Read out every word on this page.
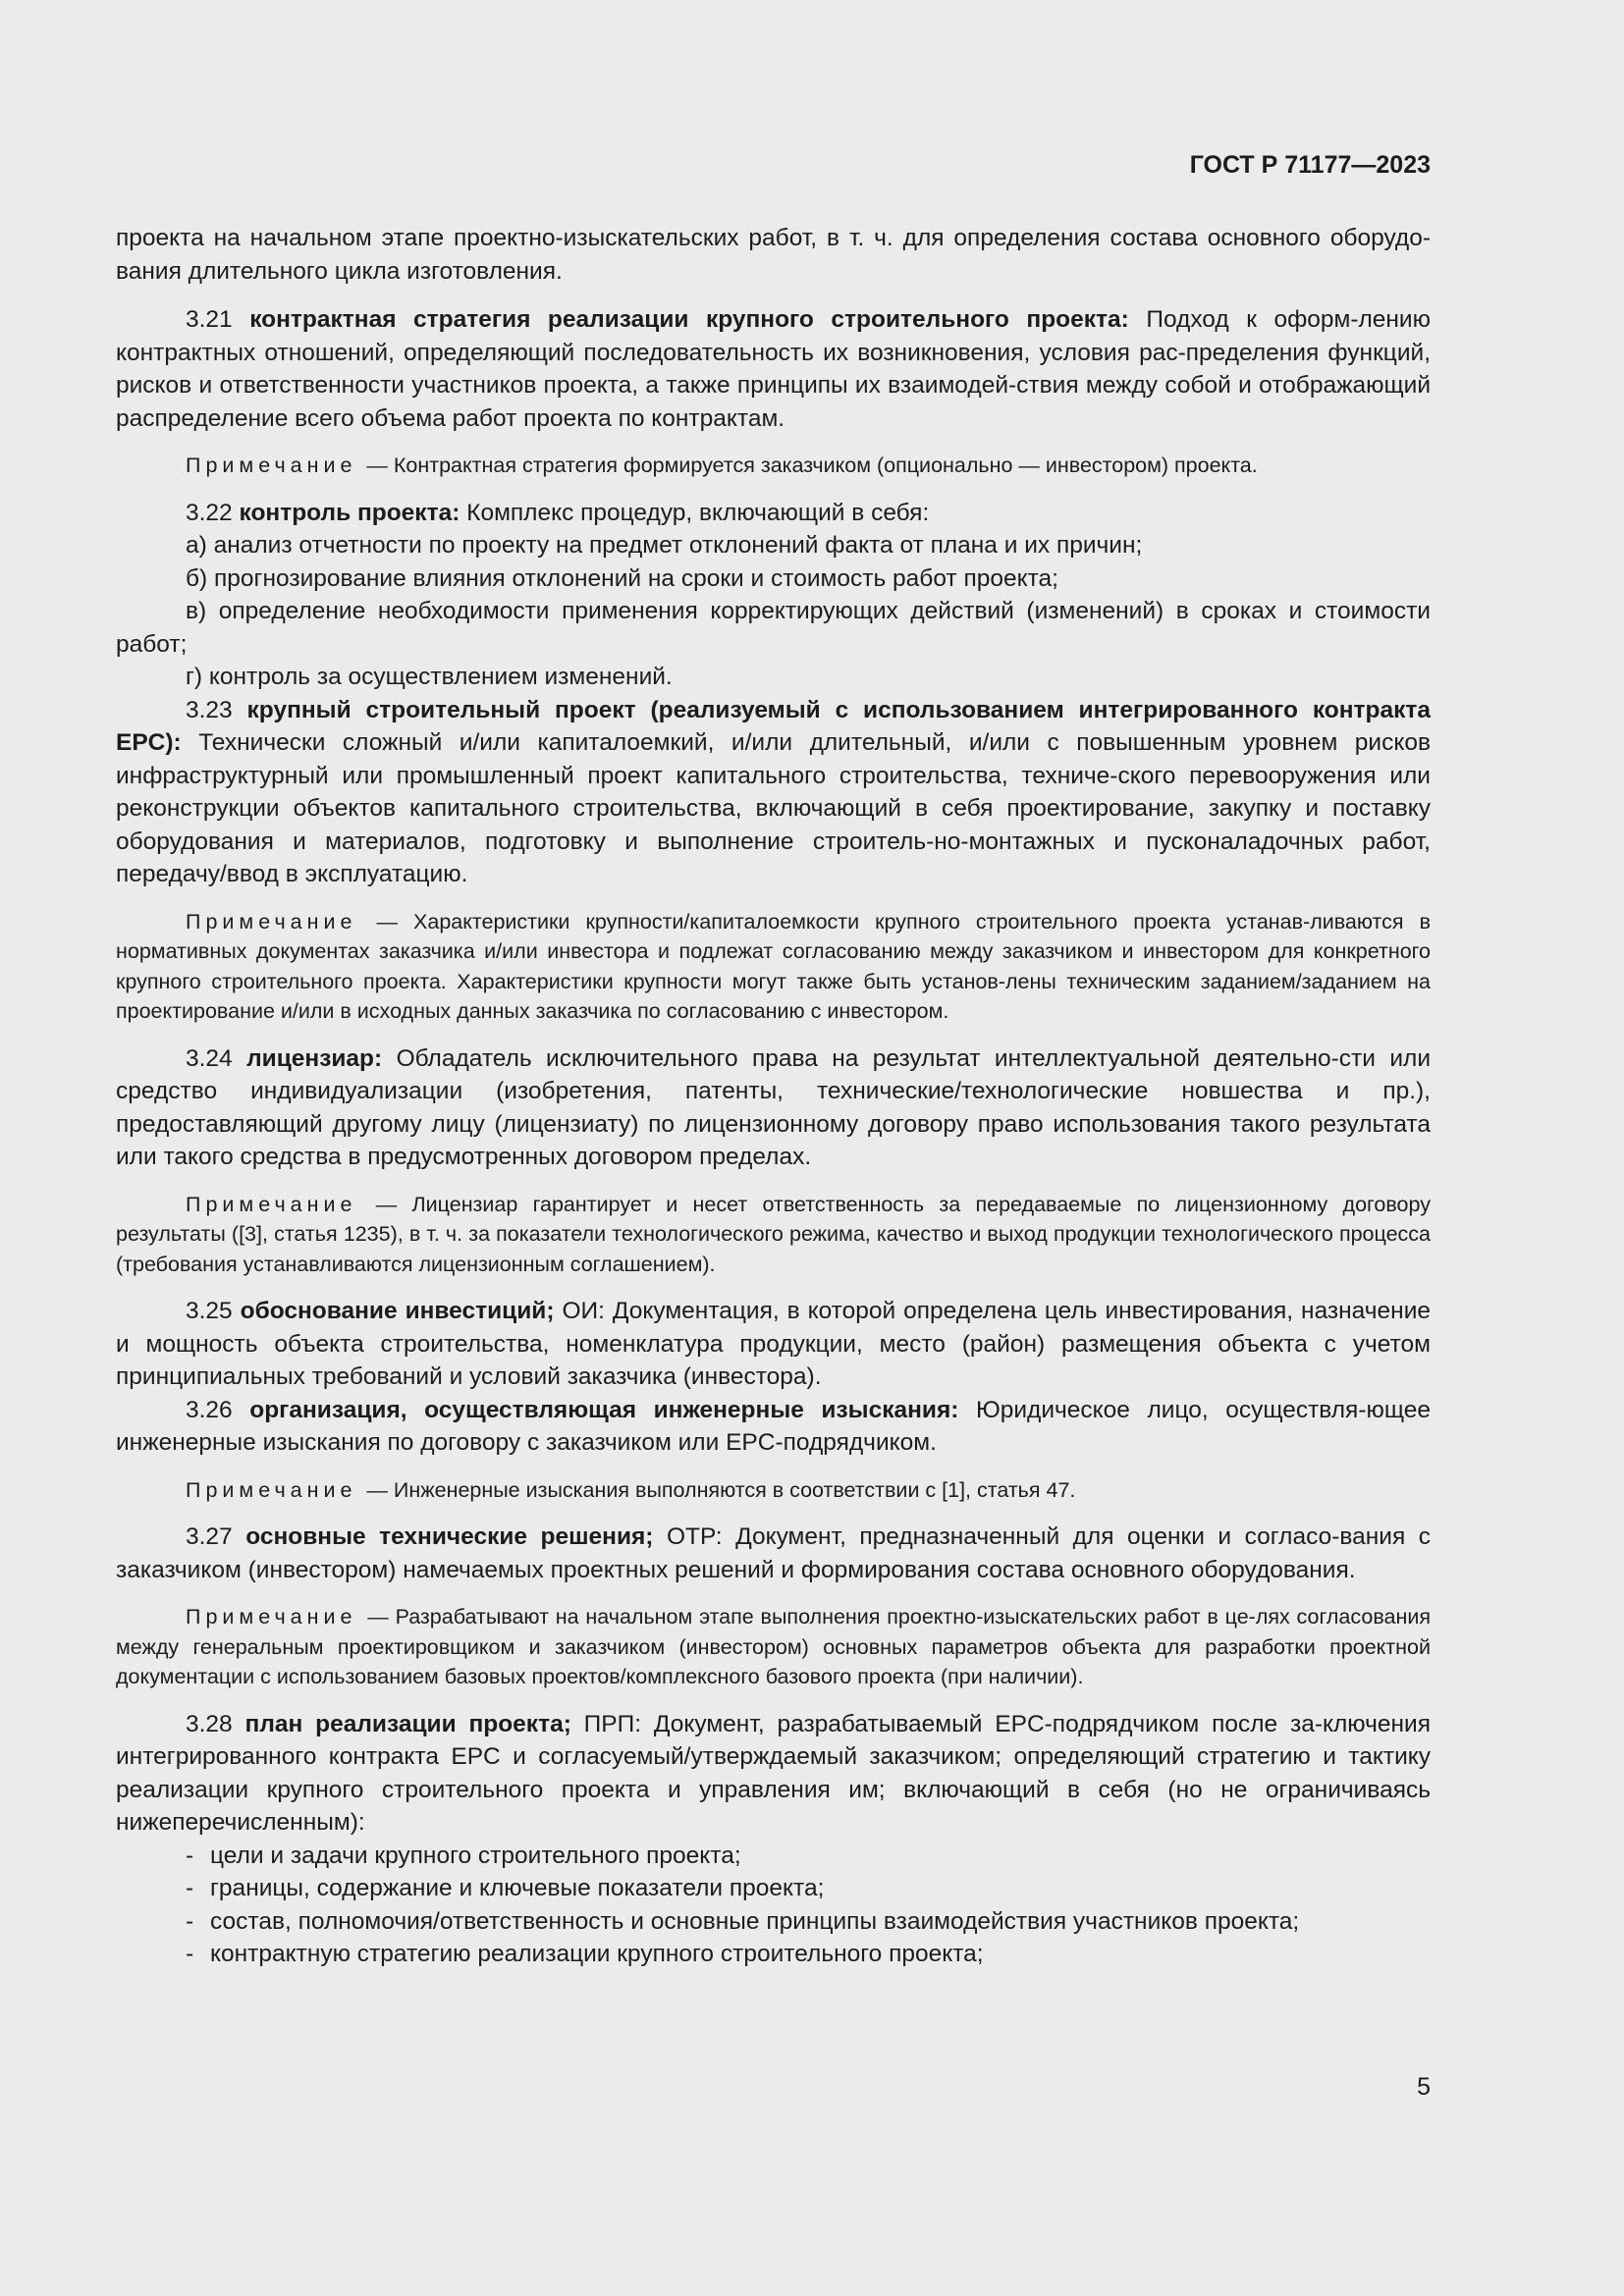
ГОСТ Р 71177—2023

проекта на начальном этапе проектно-изыскательских работ, в т. ч. для определения состава основного оборудо-вания длительного цикла изготовления.

3.21 контрактная стратегия реализации крупного строительного проекта: Подход к оформ-лению контрактных отношений, определяющий последовательность их возникновения, условия рас-пределения функций, рисков и ответственности участников проекта, а также принципы их взаимодей-ствия между собой и отображающий распределение всего объема работ проекта по контрактам.

Примечание — Контрактная стратегия формируется заказчиком (опционально — инвестором) проекта.

3.22 контроль проекта: Комплекс процедур, включающий в себя:

а) анализ отчетности по проекту на предмет отклонений факта от плана и их причин;

б) прогнозирование влияния отклонений на сроки и стоимость работ проекта;

в) определение необходимости применения корректирующих действий (изменений) в сроках и стоимости работ;

г) контроль за осуществлением изменений.

3.23 крупный строительный проект (реализуемый с использованием интегрированного контракта EPC): Технически сложный и/или капиталоемкий, и/или длительный, и/или с повышенным уровнем рисков инфраструктурный или промышленный проект капитального строительства, техниче-ского перевооружения или реконструкции объектов капитального строительства, включающий в себя проектирование, закупку и поставку оборудования и материалов, подготовку и выполнение строитель-но-монтажных и пусконаладочных работ, передачу/ввод в эксплуатацию.

Примечание — Характеристики крупности/капиталоемкости крупного строительного проекта устанав-ливаются в нормативных документах заказчика и/или инвестора и подлежат согласованию между заказчиком и инвестором для конкретного крупного строительного проекта. Характеристики крупности могут также быть установ-лены техническим заданием/заданием на проектирование и/или в исходных данных заказчика по согласованию с инвестором.

3.24 лицензиар: Обладатель исключительного права на результат интеллектуальной деятельно-сти или средство индивидуализации (изобретения, патенты, технические/технологические новшества и пр.), предоставляющий другому лицу (лицензиату) по лицензионному договору право использования такого результата или такого средства в предусмотренных договором пределах.

Примечание — Лицензиар гарантирует и несет ответственность за передаваемые по лицензионному договору результаты ([3], статья 1235), в т. ч. за показатели технологического режима, качество и выход продукции технологического процесса (требования устанавливаются лицензионным соглашением).

3.25 обоснование инвестиций; ОИ: Документация, в которой определена цель инвестирования, назначение и мощность объекта строительства, номенклатура продукции, место (район) размещения объекта с учетом принципиальных требований и условий заказчика (инвестора).

3.26 организация, осуществляющая инженерные изыскания: Юридическое лицо, осуществля-ющее инженерные изыскания по договору с заказчиком или EPC-подрядчиком.

Примечание — Инженерные изыскания выполняются в соответствии с [1], статья 47.

3.27 основные технические решения; ОТР: Документ, предназначенный для оценки и согласо-вания с заказчиком (инвестором) намечаемых проектных решений и формирования состава основного оборудования.

Примечание — Разрабатывают на начальном этапе выполнения проектно-изыскательских работ в це-лях согласования между генеральным проектировщиком и заказчиком (инвестором) основных параметров объекта для разработки проектной документации с использованием базовых проектов/комплексного базового проекта (при наличии).

3.28 план реализации проекта; ПРП: Документ, разрабатываемый EPC-подрядчиком после за-ключения интегрированного контракта EPC и согласуемый/утверждаемый заказчиком; определяющий стратегию и тактику реализации крупного строительного проекта и управления им; включающий в себя (но не ограничиваясь нижеперечисленным):

- цели и задачи крупного строительного проекта;
- границы, содержание и ключевые показатели проекта;
- состав, полномочия/ответственность и основные принципы взаимодействия участников проекта;
- контрактную стратегию реализации крупного строительного проекта;
5
